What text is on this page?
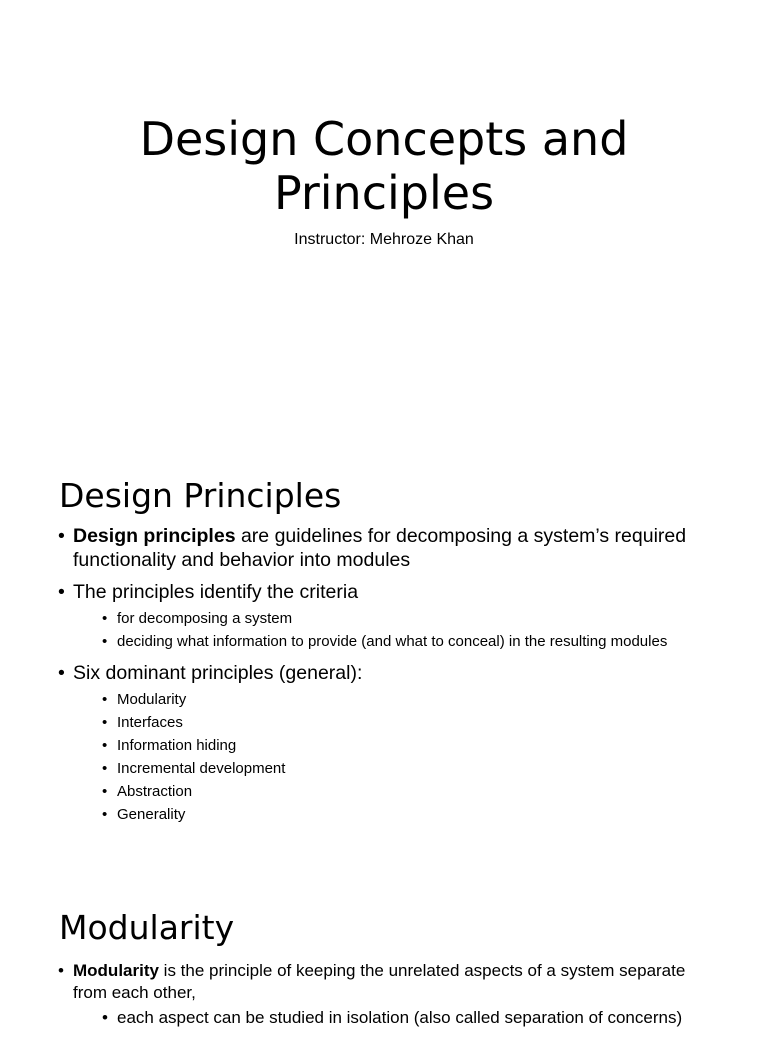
Design Concepts and
Principles
Instructor: Mehroze Khan
Design Principles
• Design principles are guidelines for decomposing a system’s required functionality and behavior into modules
• The principles identify the criteria
• for decomposing a system
• deciding what information to provide (and what to conceal) in the resulting modules
• Six dominant principles (general):
• Modularity
• Interfaces
• Information hiding
• Incremental development
• Abstraction
• Generality
Modularity
• Modularity is the principle of keeping the unrelated aspects of a system separate from each other,
• each aspect can be studied in isolation (also called separation of concerns)
